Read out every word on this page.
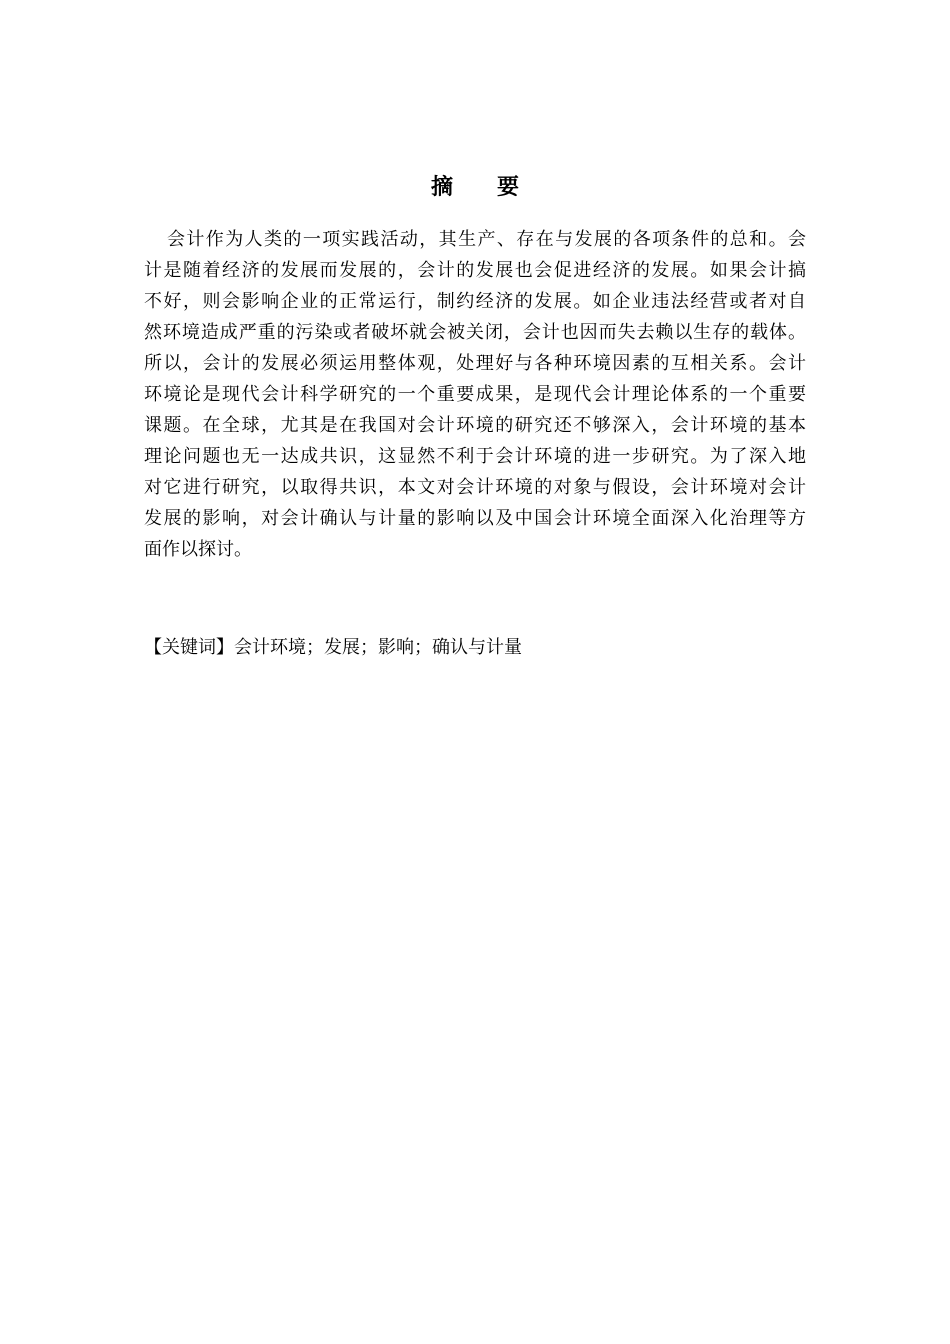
摘 要
会计作为人类的一项实践活动，其生产、存在与发展的各项条件的总和。会
计是随着经济的发展而发展的，会计的发展也会促进经济的发展。如果会计搞
不好，则会影响企业的正常运行，制约经济的发展。如企业违法经营或者对自
然环境造成严重的污染或者破坏就会被关闭，会计也因而失去赖以生存的载体。
所以，会计的发展必须运用整体观，处理好与各种环境因素的互相关系。会计
环境论是现代会计科学研究的一个重要成果，是现代会计理论体系的一个重要
课题。在全球，尤其是在我国对会计环境的研究还不够深入，会计环境的基本
理论问题也无一达成共识，这显然不利于会计环境的进一步研究。为了深入地
对它进行研究，以取得共识，本文对会计环境的对象与假设，会计环境对会计
发展的影响，对会计确认与计量的影响以及中国会计环境全面深入化治理等方
面作以探讨。
【关键词】会计环境；发展；影响；确认与计量
